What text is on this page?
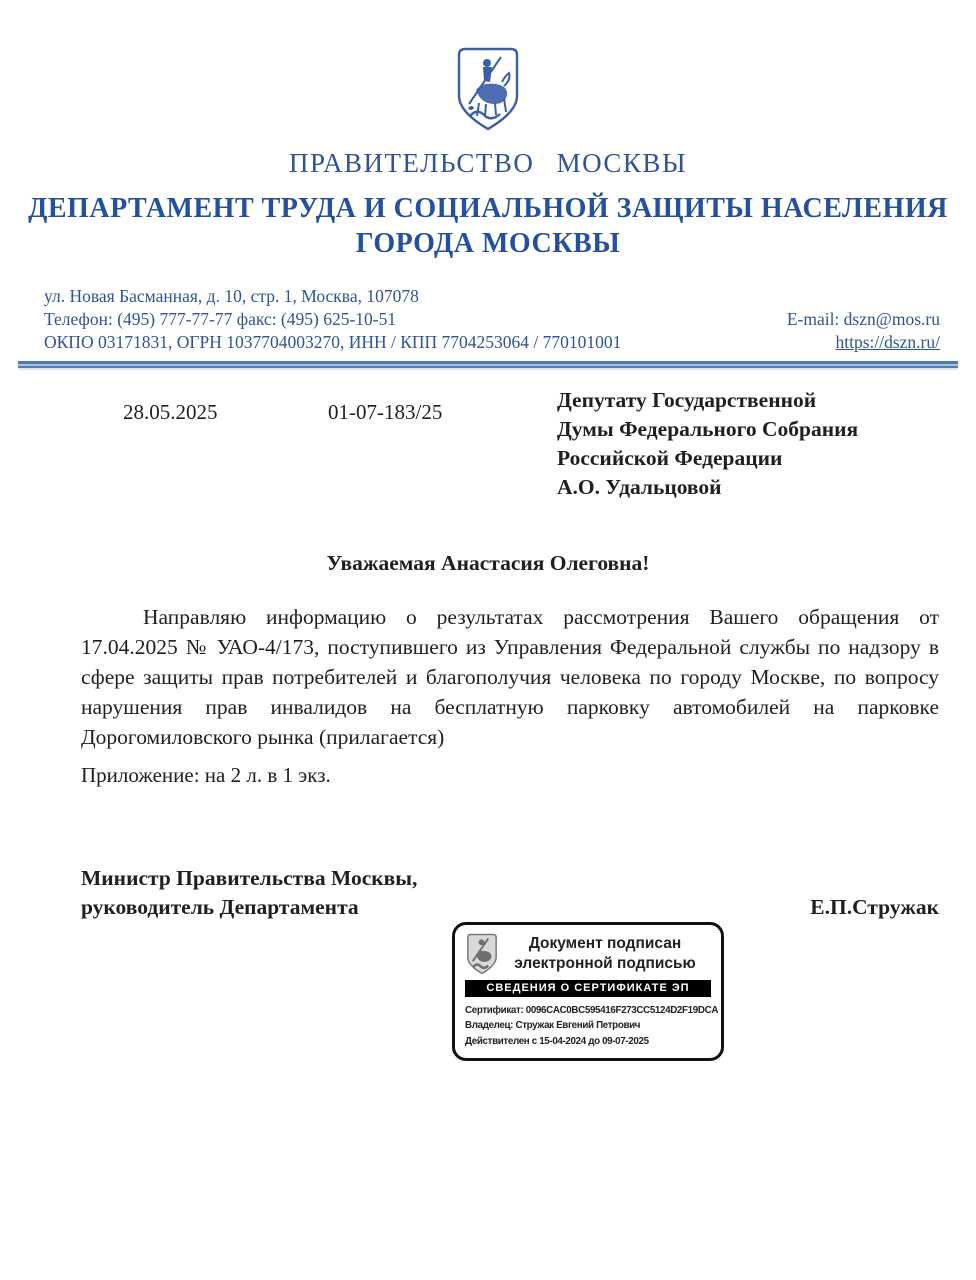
ПРАВИТЕЛЬСТВО МОСКВЫ
ДЕПАРТАМЕНТ ТРУДА И СОЦИАЛЬНОЙ ЗАЩИТЫ НАСЕЛЕНИЯ
ГОРОДА МОСКВЫ
ул. Новая Басманная, д. 10, стр. 1, Москва, 107078
Телефон: (495) 777-77-77 факс: (495) 625-10-51
ОКПО 03171831, ОГРН 1037704003270, ИНН / КПП 7704253064 / 770101001
E-mail: dszn@mos.ru
https://dszn.ru/
28.05.2025	01-07-183/25	Депутату Государственной
Думы Федерального Собрания
Российской Федерации
А.О. Удальцовой
Уважаемая Анастасия Олеговна!

Направляю информацию о результатах рассмотрения Вашего обращения от 17.04.2025 № УАО-4/173, поступившего из Управления Федеральной службы по надзору в сфере защиты прав потребителей и благополучия человека по городу Москве, по вопросу нарушения прав инвалидов на бесплатную парковку автомобилей на парковке Дорогомиловского рынка (прилагается)

Приложение: на 2 л. в 1 экз.

Министр Правительства Москвы,
руководитель Департамента	Е.П.Стружак
Документ подписан
электронной подписью
СВЕДЕНИЯ О СЕРТИФИКАТЕ ЭП
Сертификат: 0096CAC0BC595416F273CC5124D2F19DCA
Владелец: Стружак Евгений Петрович
Действителен с 15-04-2024 до 09-07-2025
